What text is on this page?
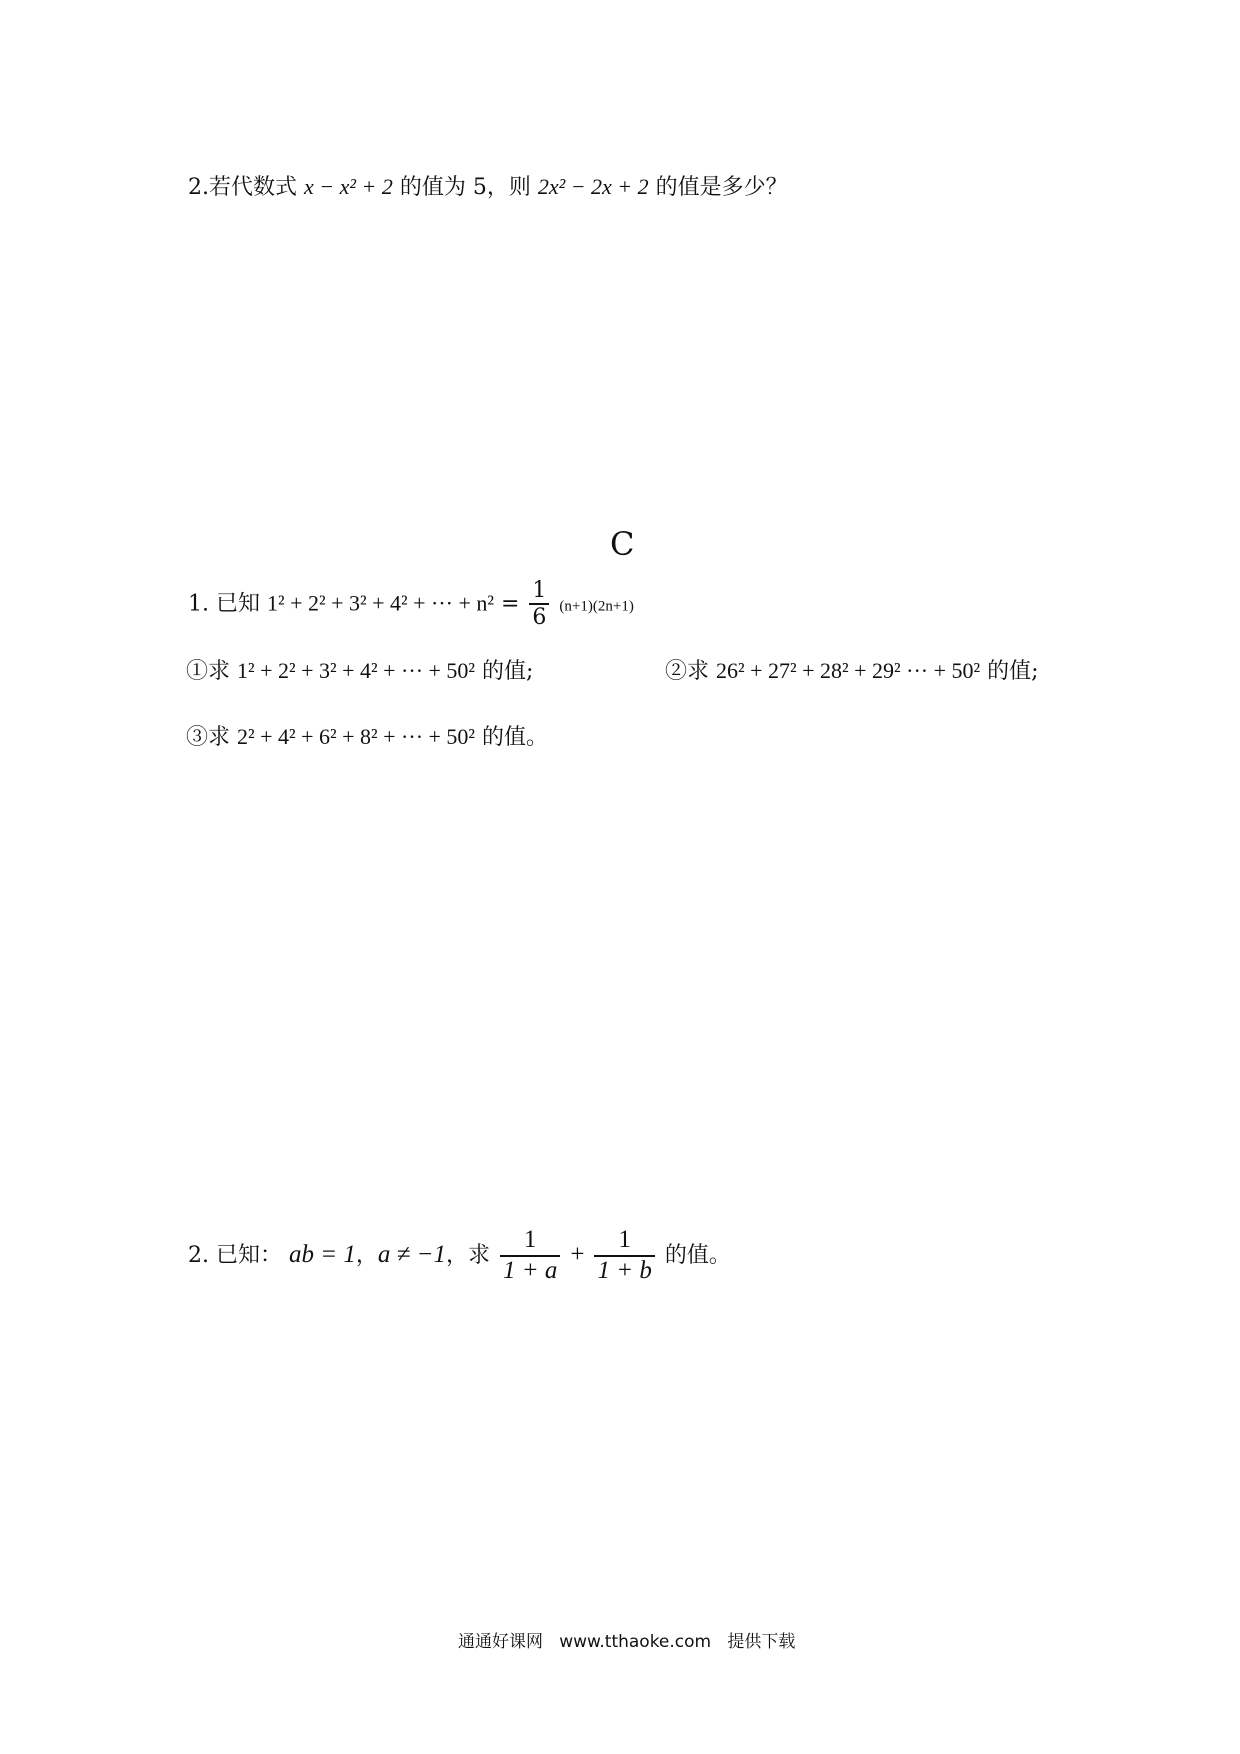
2.若代数式 x − x² + 2 的值为 5，则 2x² − 2x + 2 的值是多少？
C
1. 已知 1² + 2² + 3² + 4² + ··· + $n^2 = \frac{1}{6} (n+1)(2n+1)$
①求 1² + 2² + 3² + 4² + ··· + 50² 的值;	②求 26² + 27² + 28² + 29² ··· + 50² 的值;
③求 2² + 4² + 6² + 8² + ··· + 50² 的值。
2. 已知： ab = 1，a ≠ −1，求 $\frac{1}{1 + a} + \frac{1}{1 + b}$ 的值。
通通好课网 www.tthaoke.com 提供下载
